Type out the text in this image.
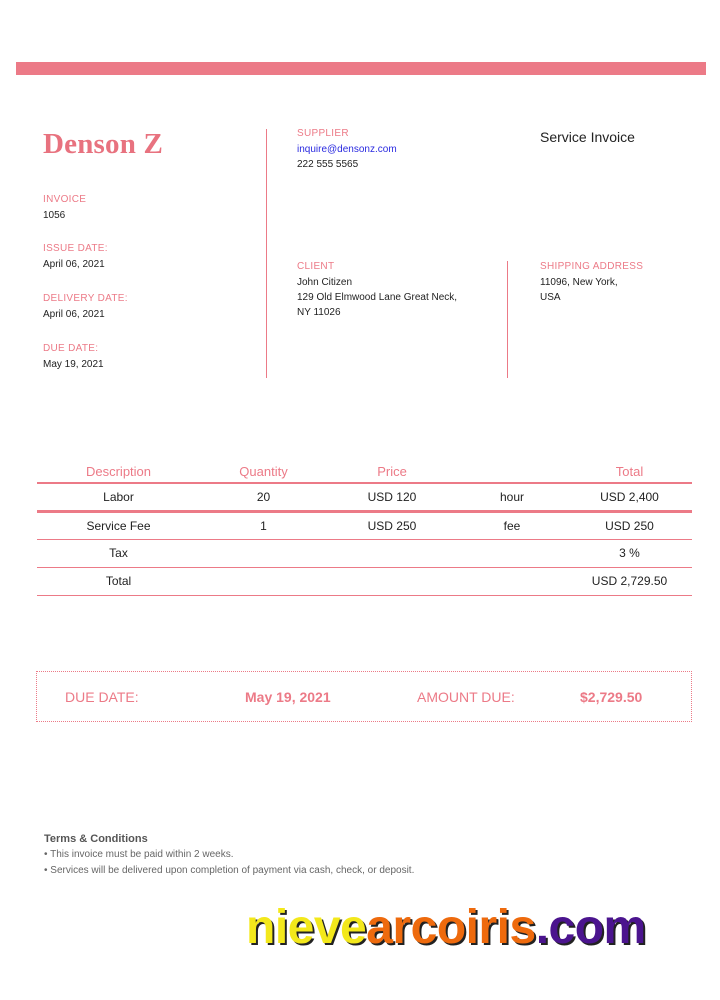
Denson Z
INVOICE
1056
ISSUE DATE:
April 06, 2021
DELIVERY DATE:
April 06, 2021
DUE DATE:
May 19, 2021
SUPPLIER
inquire@densonz.com
222 555 5565
Service Invoice
CLIENT
John Citizen
129 Old Elmwood Lane Great Neck,
NY 11026
SHIPPING ADDRESS
11096, New York,
USA
Description	Quantity	Price		Total
Labor	20	USD 120	hour	USD 2,400
Service Fee	1	USD 250	fee	USD 250
Tax				3 %
Total				USD 2,729.50
DUE DATE:	May 19, 2021	AMOUNT DUE:	$2,729.50
Terms & Conditions
• This invoice must be paid within 2 weeks.
• Services will be delivered upon completion of payment via cash, check, or deposit.
nievearcoiris.com
